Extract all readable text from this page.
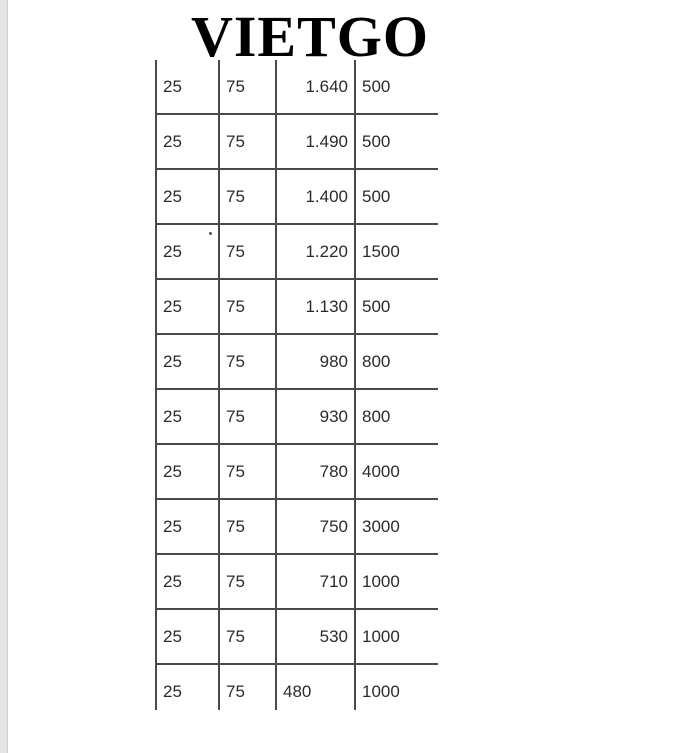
VIETGO
25	75	1.640	500
25	75	1.490	500
25	75	1.400	500
25	75	1.220	1500
25	75	1.130	500
25	75	980	800
25	75	930	800
25	75	780	4000
25	75	750	3000
25	75	710	1000
25	75	530	1000
25	75	480	1000
